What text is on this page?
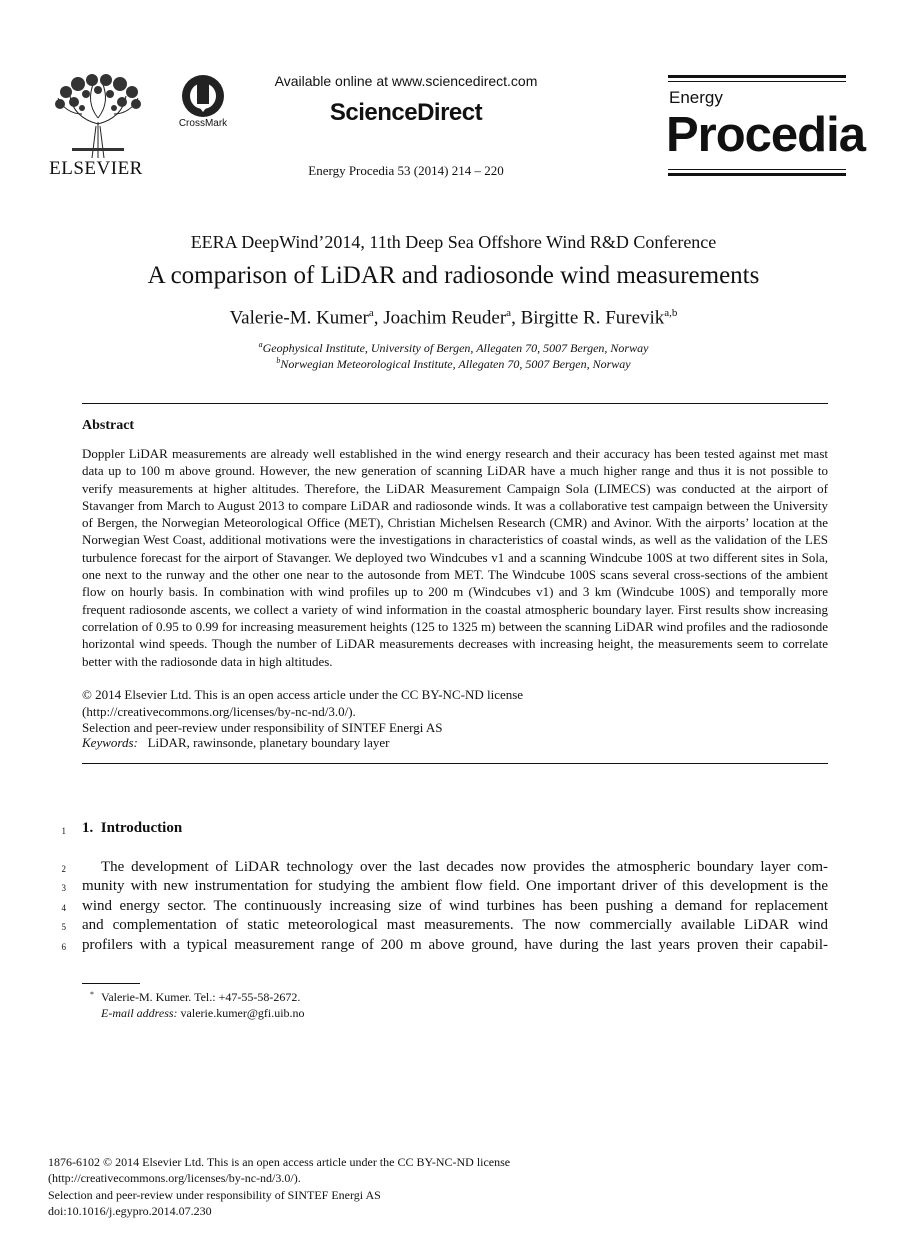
ELSEVIER
CrossMark
Available online at www.sciencedirect.com
ScienceDirect
Energy Procedia 53 (2014) 214 – 220
Energy
Procedia
EERA DeepWind’2014, 11th Deep Sea Offshore Wind R&D Conference
A comparison of LiDAR and radiosonde wind measurements
Valerie-M. Kumer$^a$, Joachim Reuder$^a$, Birgitte R. Furevik$^{a,b}$
$^a$Geophysical Institute, University of Bergen, Allegaten 70, 5007 Bergen, Norway
$^b$Norwegian Meteorological Institute, Allegaten 70, 5007 Bergen, Norway
Abstract
Doppler LiDAR measurements are already well established in the wind energy research and their accuracy has been tested against met mast data up to 100 m above ground. However, the new generation of scanning LiDAR have a much higher range and thus it is not possible to verify measurements at higher altitudes. Therefore, the LiDAR Measurement Campaign Sola (LIMECS) was conducted at the airport of Stavanger from March to August 2013 to compare LiDAR and radiosonde winds. It was a collaborative test campaign between the University of Bergen, the Norwegian Meteorological Office (MET), Christian Michelsen Research (CMR) and Avinor. With the airports’ location at the Norwegian West Coast, additional motivations were the investigations in characteristics of coastal winds, as well as the validation of the LES turbulence forecast for the airport of Stavanger. We deployed two Windcubes v1 and a scanning Windcube 100S at two different sites in Sola, one next to the runway and the other one near to the autosonde from MET. The Windcube 100S scans several cross-sections of the ambient flow on hourly basis. In combination with wind profiles up to 200 m (Windcubes v1) and 3 km (Windcube 100S) and temporally more frequent radiosonde ascents, we collect a variety of wind information in the coastal atmospheric boundary layer. First results show increasing correlation of 0.95 to 0.99 for increasing measurement heights (125 to 1325 m) between the scanning LiDAR wind profiles and the radiosonde horizontal wind speeds. Though the number of LiDAR measurements decreases with increasing height, the measurements seem to correlate better with the radiosonde data in high altitudes.
© 2014 Elsevier Ltd. This is an open access article under the CC BY-NC-ND license
(http://creativecommons.org/licenses/by-nc-nd/3.0/).
Selection and peer-review under responsibility of SINTEF Energi AS
Keywords: LiDAR, rawinsonde, planetary boundary layer
1 1. Introduction
2 The development of LiDAR technology over the last decades now provides the atmospheric boundary layer com-
3 munity with new instrumentation for studying the ambient flow field. One important driver of this development is the
4 wind energy sector. The continuously increasing size of wind turbines has been pushing a demand for replacement
5 and complementation of static meteorological mast measurements. The now commercially available LiDAR wind
6 profilers with a typical measurement range of 200 m above ground, have during the last years proven their capabil-
* Valerie-M. Kumer. Tel.: +47-55-58-2672.
E-mail address: valerie.kumer@gfi.uib.no
1876-6102 © 2014 Elsevier Ltd. This is an open access article under the CC BY-NC-ND license
(http://creativecommons.org/licenses/by-nc-nd/3.0/).
Selection and peer-review under responsibility of SINTEF Energi AS
doi:10.1016/j.egypro.2014.07.230
